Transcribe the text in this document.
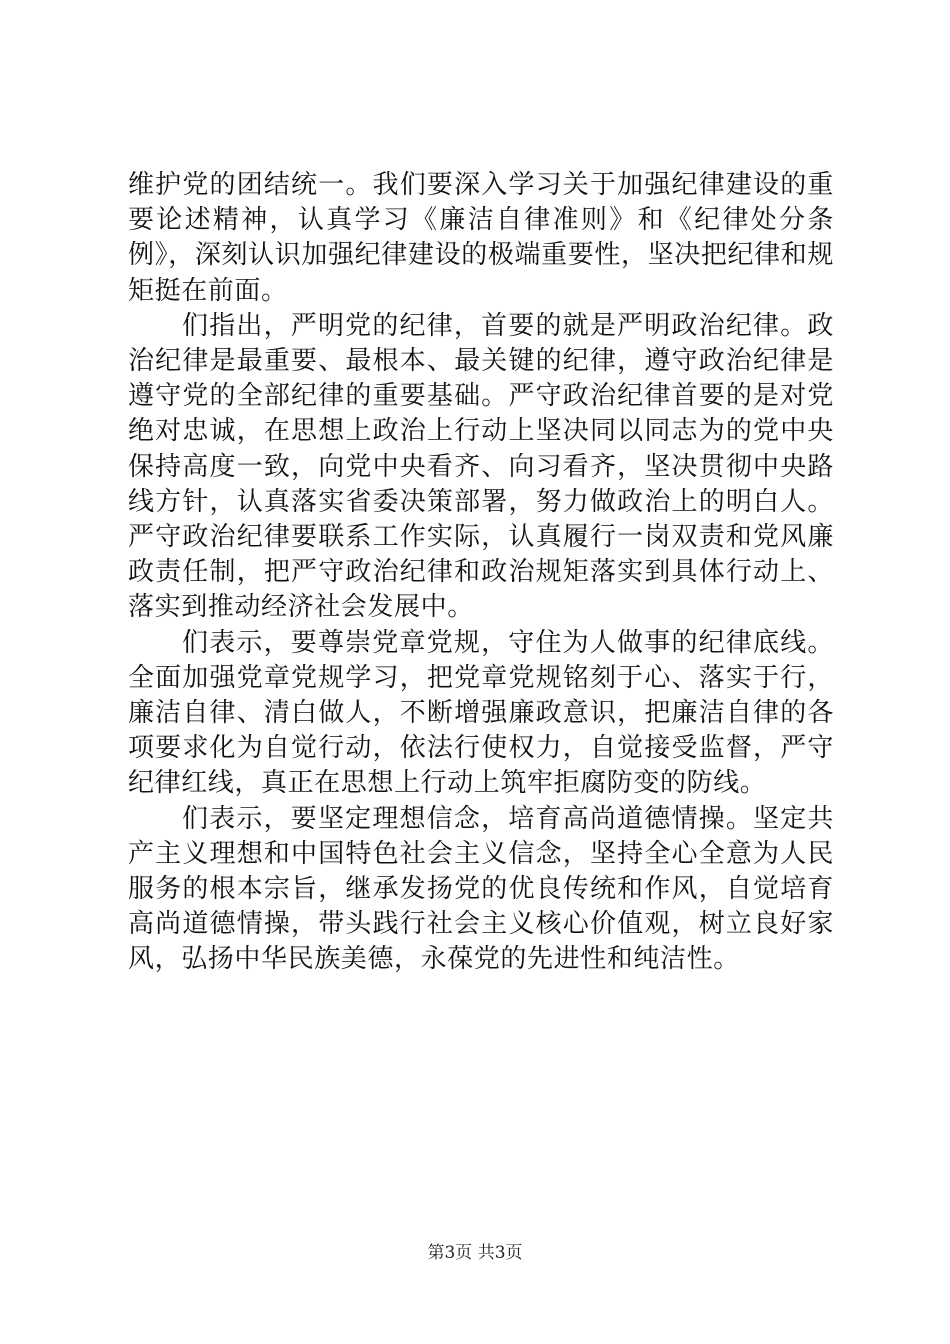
维护党的团结统一。我们要深入学习关于加强纪律建设的重要论述精神，认真学习《廉洁自律准则》和《纪律处分条例》，深刻认识加强纪律建设的极端重要性，坚决把纪律和规矩挺在前面。

们指出，严明党的纪律，首要的就是严明政治纪律。政治纪律是最重要、最根本、最关键的纪律，遵守政治纪律是遵守党的全部纪律的重要基础。严守政治纪律首要的是对党绝对忠诚，在思想上政治上行动上坚决同以同志为的党中央保持高度一致，向党中央看齐、向习看齐，坚决贯彻中央路线方针，认真落实省委决策部署，努力做政治上的明白人。严守政治纪律要联系工作实际，认真履行一岗双责和党风廉政责任制，把严守政治纪律和政治规矩落实到具体行动上、落实到推动经济社会发展中。

们表示，要尊崇党章党规，守住为人做事的纪律底线。全面加强党章党规学习，把党章党规铭刻于心、落实于行，廉洁自律、清白做人，不断增强廉政意识，把廉洁自律的各项要求化为自觉行动，依法行使权力，自觉接受监督，严守纪律红线，真正在思想上行动上筑牢拒腐防变的防线。

们表示，要坚定理想信念，培育高尚道德情操。坚定共产主义理想和中国特色社会主义信念，坚持全心全意为人民服务的根本宗旨，继承发扬党的优良传统和作风，自觉培育高尚道德情操，带头践行社会主义核心价值观，树立良好家风，弘扬中华民族美德，永葆党的先进性和纯洁性。

第3页 共3页
